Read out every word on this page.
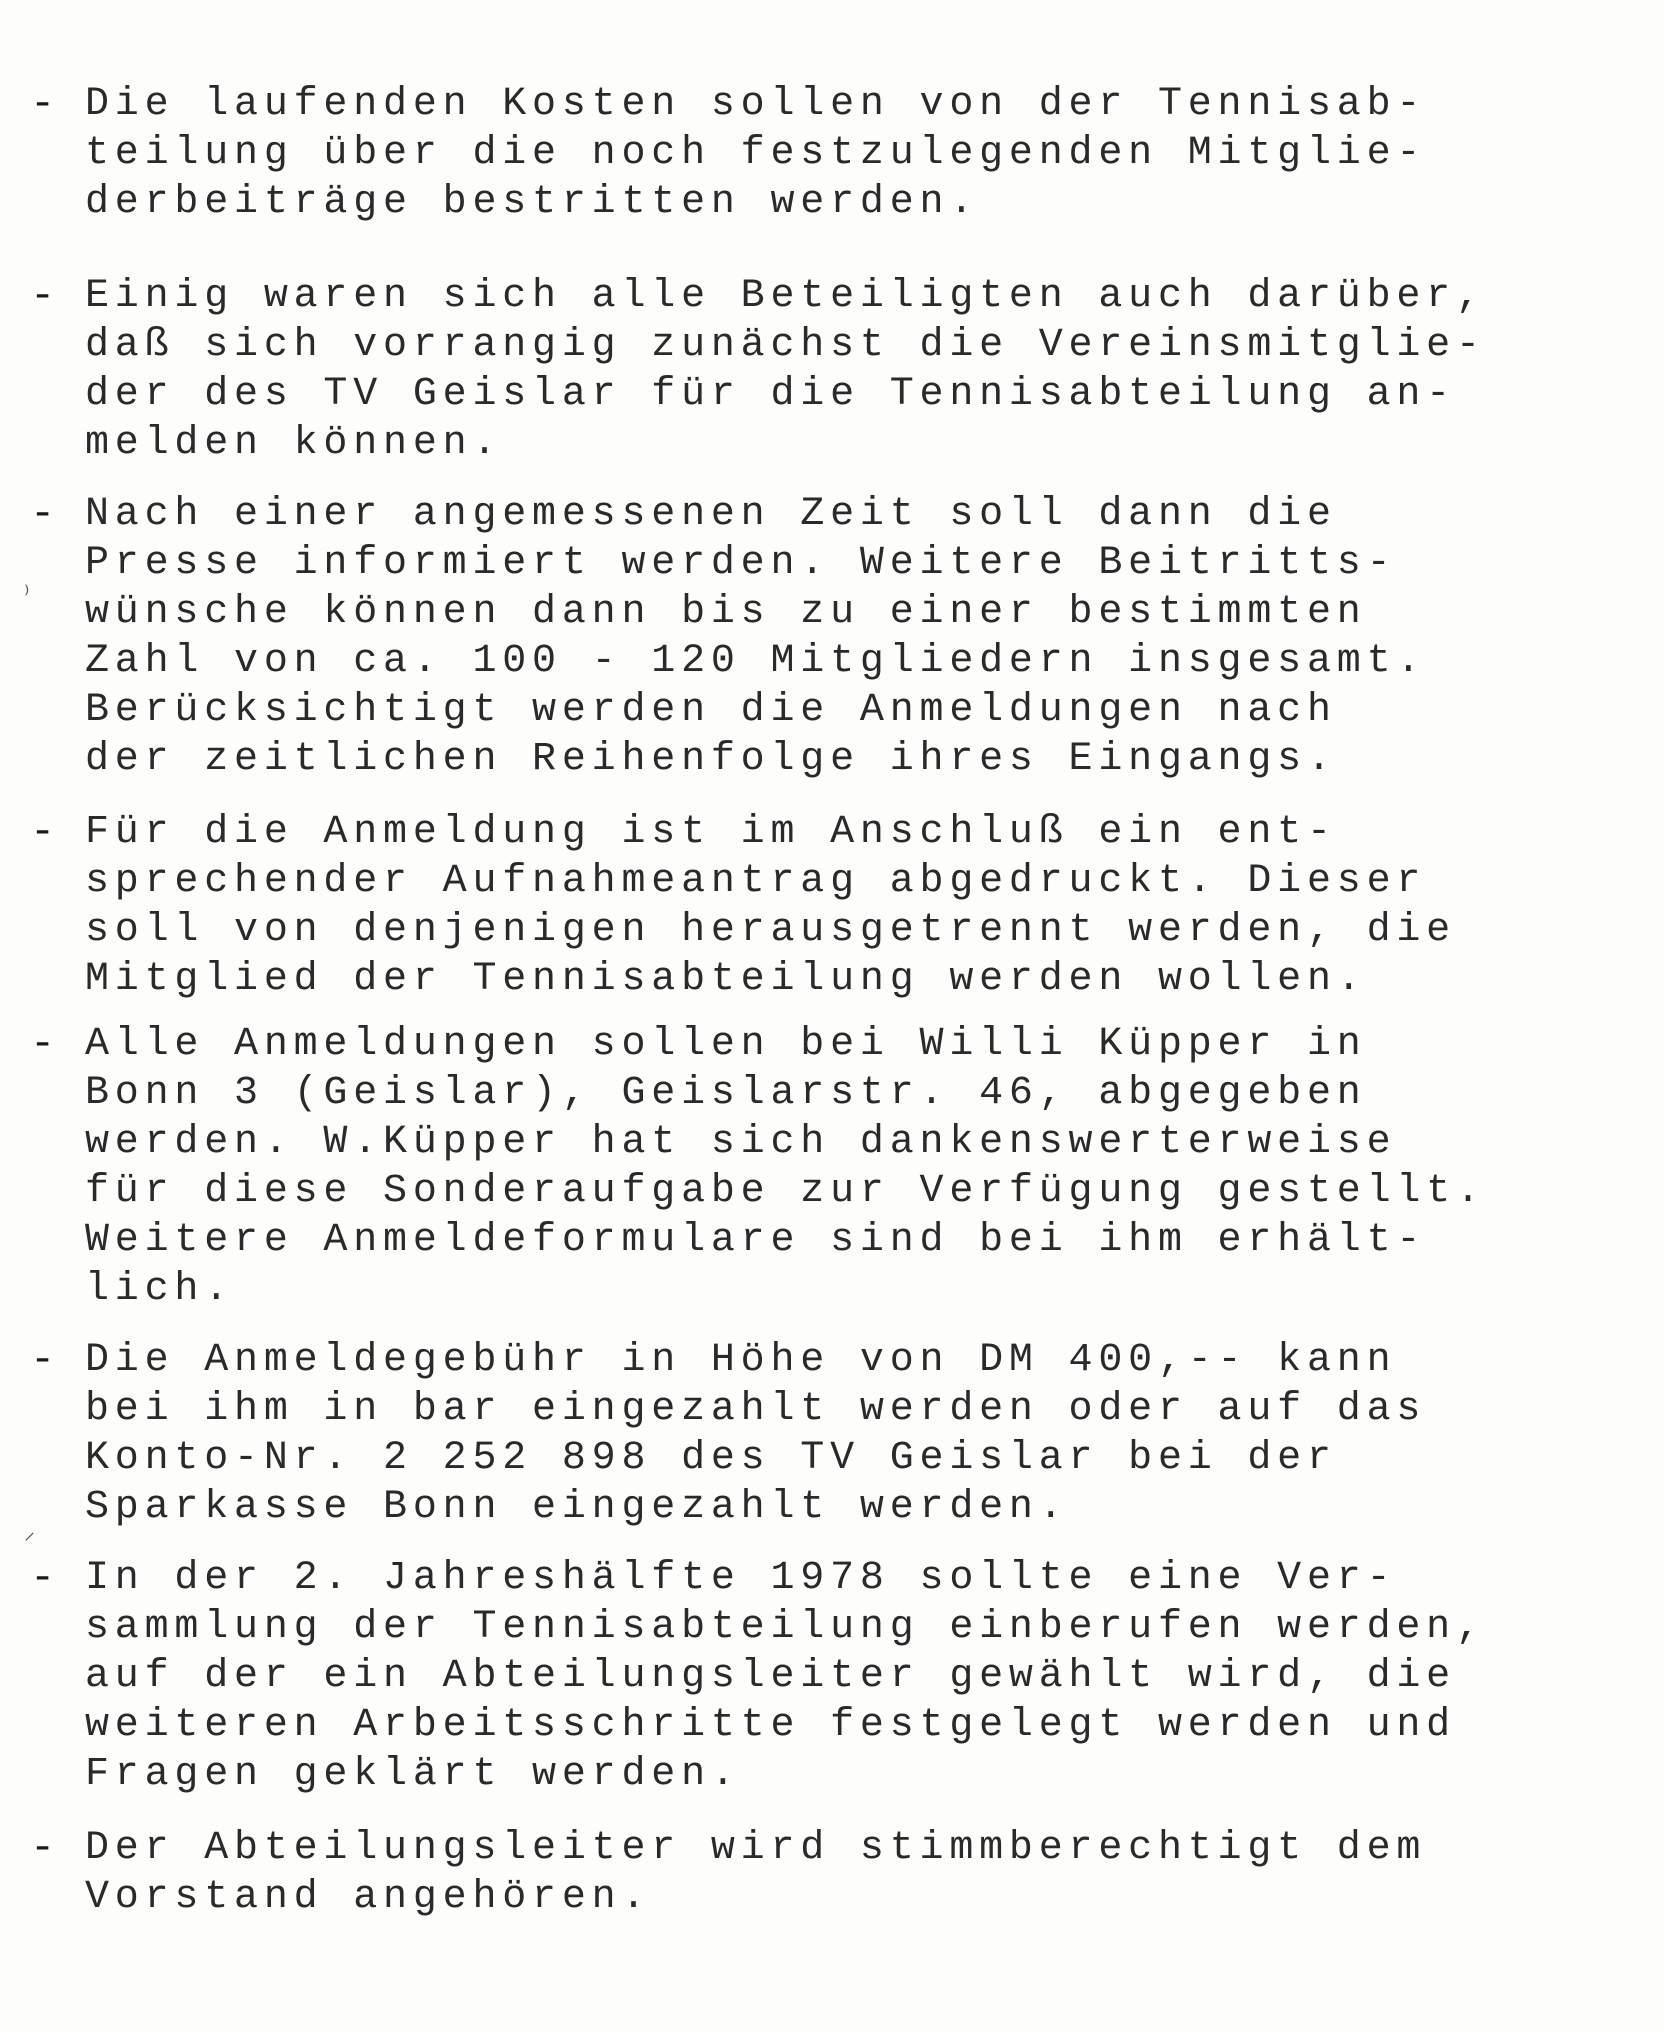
- Die laufenden Kosten sollen von der Tennisab-
teilung über die noch festzulegenden Mitglie-
derbeiträge bestritten werden.
- Einig waren sich alle Beteiligten auch darüber,
daß sich vorrangig zunächst die Vereinsmitglie-
der des TV Geislar für die Tennisabteilung an-
melden können.
- Nach einer angemessenen Zeit soll dann die
Presse informiert werden. Weitere Beitritts-
wünsche können dann bis zu einer bestimmten
Zahl von ca. 100 - 120 Mitgliedern insgesamt.
Berücksichtigt werden die Anmeldungen nach
der zeitlichen Reihenfolge ihres Eingangs.
- Für die Anmeldung ist im Anschluß ein ent-
sprechender Aufnahmeantrag abgedruckt. Dieser
soll von denjenigen herausgetrennt werden, die
Mitglied der Tennisabteilung werden wollen.
- Alle Anmeldungen sollen bei Willi Küpper in
Bonn 3 (Geislar), Geislarstr. 46, abgegeben
werden. W.Küpper hat sich dankenswerterweise
für diese Sonderaufgabe zur Verfügung gestellt.
Weitere Anmeldeformulare sind bei ihm erhält-
lich.
- Die Anmeldegebühr in Höhe von DM 400,-- kann
bei ihm in bar eingezahlt werden oder auf das
Konto-Nr. 2 252 898 des TV Geislar bei der
Sparkasse Bonn eingezahlt werden.
- In der 2. Jahreshälfte 1978 sollte eine Ver-
sammlung der Tennisabteilung einberufen werden,
auf der ein Abteilungsleiter gewählt wird, die
weiteren Arbeitsschritte festgelegt werden und
Fragen geklärt werden.
- Der Abteilungsleiter wird stimmberechtigt dem
Vorstand angehören.
⁾
⸝
